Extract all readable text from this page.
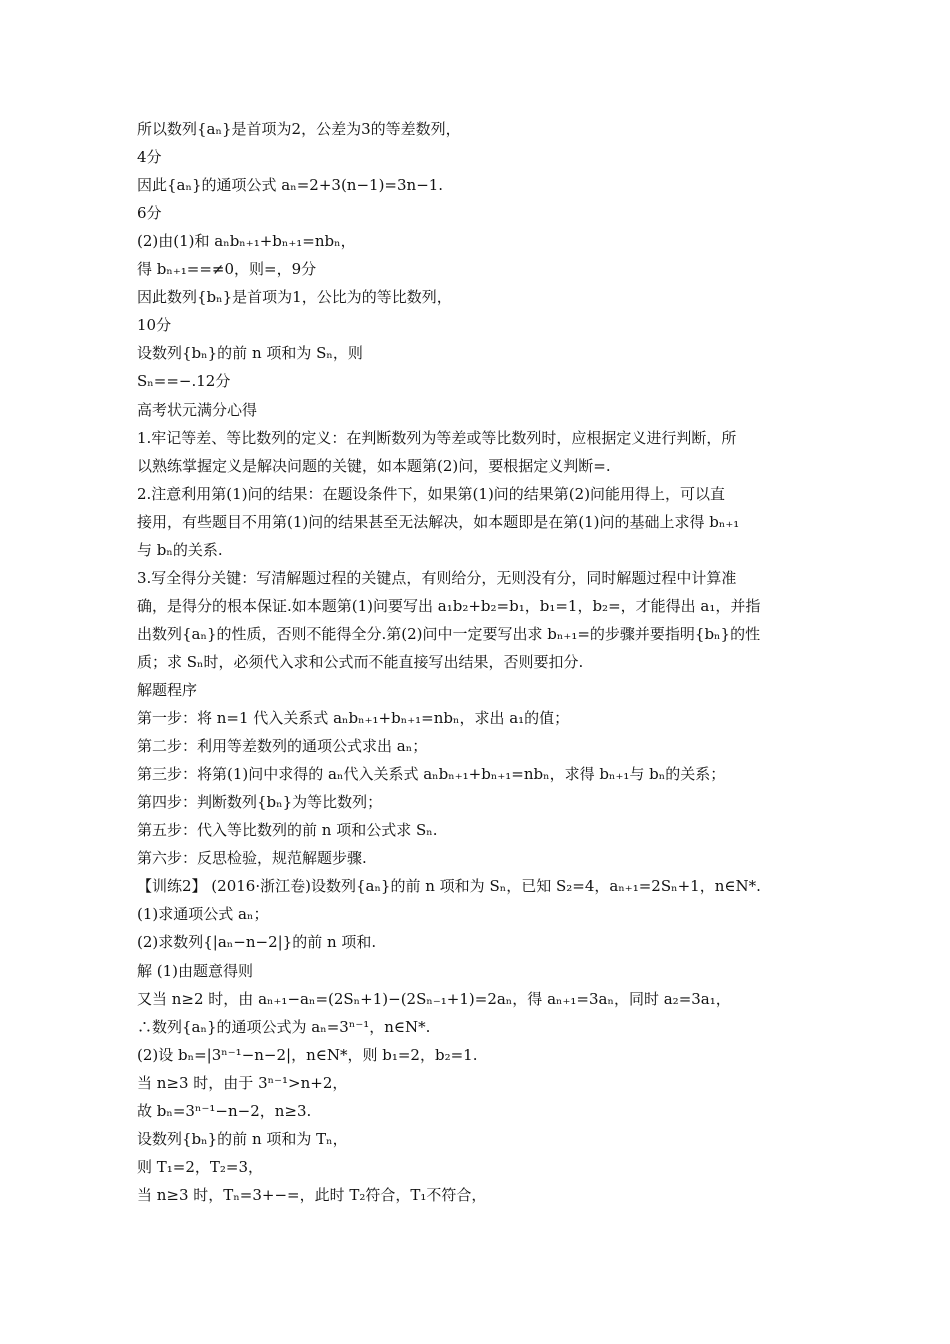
所以数列{aₙ}是首项为2，公差为3的等差数列，
4分
因此{aₙ}的通项公式 aₙ=2+3(n−1)=3n−1.
6分
(2)由(1)和 aₙbₙ₊₁+bₙ₊₁=nbₙ，
得 bₙ₊₁==≠0，则=，9分
因此数列{bₙ}是首项为1，公比为的等比数列，
10分
设数列{bₙ}的前 n 项和为 Sₙ，则
Sₙ==−.12分
高考状元满分心得
1.牢记等差、等比数列的定义：在判断数列为等差或等比数列时，应根据定义进行判断，所
以熟练掌握定义是解决问题的关键，如本题第(2)问，要根据定义判断=.
2.注意利用第(1)问的结果：在题设条件下，如果第(1)问的结果第(2)问能用得上，可以直
接用，有些题目不用第(1)问的结果甚至无法解决，如本题即是在第(1)问的基础上求得 bₙ₊₁
与 bₙ的关系.
3.写全得分关键：写清解题过程的关键点，有则给分，无则没有分，同时解题过程中计算准
确，是得分的根本保证.如本题第(1)问要写出 a₁b₂+b₂=b₁，b₁=1，b₂=，才能得出 a₁，并指
出数列{aₙ}的性质，否则不能得全分.第(2)问中一定要写出求 bₙ₊₁=的步骤并要指明{bₙ}的性
质；求 Sₙ时，必须代入求和公式而不能直接写出结果，否则要扣分.
解题程序
第一步：将 n=1 代入关系式 aₙbₙ₊₁+bₙ₊₁=nbₙ，求出 a₁的值；
第二步：利用等差数列的通项公式求出 aₙ；
第三步：将第(1)问中求得的 aₙ代入关系式 aₙbₙ₊₁+bₙ₊₁=nbₙ，求得 bₙ₊₁与 bₙ的关系；
第四步：判断数列{bₙ}为等比数列；
第五步：代入等比数列的前 n 项和公式求 Sₙ.
第六步：反思检验，规范解题步骤.
【训练2】 (2016·浙江卷)设数列{aₙ}的前 n 项和为 Sₙ，已知 S₂=4，aₙ₊₁=2Sₙ+1，n∈N*.
(1)求通项公式 aₙ；
(2)求数列{|aₙ−n−2|}的前 n 项和.
解 (1)由题意得则
又当 n≥2 时，由 aₙ₊₁−aₙ=(2Sₙ+1)−(2Sₙ₋₁+1)=2aₙ，得 aₙ₊₁=3aₙ，同时 a₂=3a₁，
∴数列{aₙ}的通项公式为 aₙ=3ⁿ⁻¹，n∈N*.
(2)设 bₙ=|3ⁿ⁻¹−n−2|，n∈N*，则 b₁=2，b₂=1.
当 n≥3 时，由于 3ⁿ⁻¹>n+2，
故 bₙ=3ⁿ⁻¹−n−2，n≥3.
设数列{bₙ}的前 n 项和为 Tₙ，
则 T₁=2，T₂=3，
当 n≥3 时，Tₙ=3+−=，此时 T₂符合，T₁不符合，
